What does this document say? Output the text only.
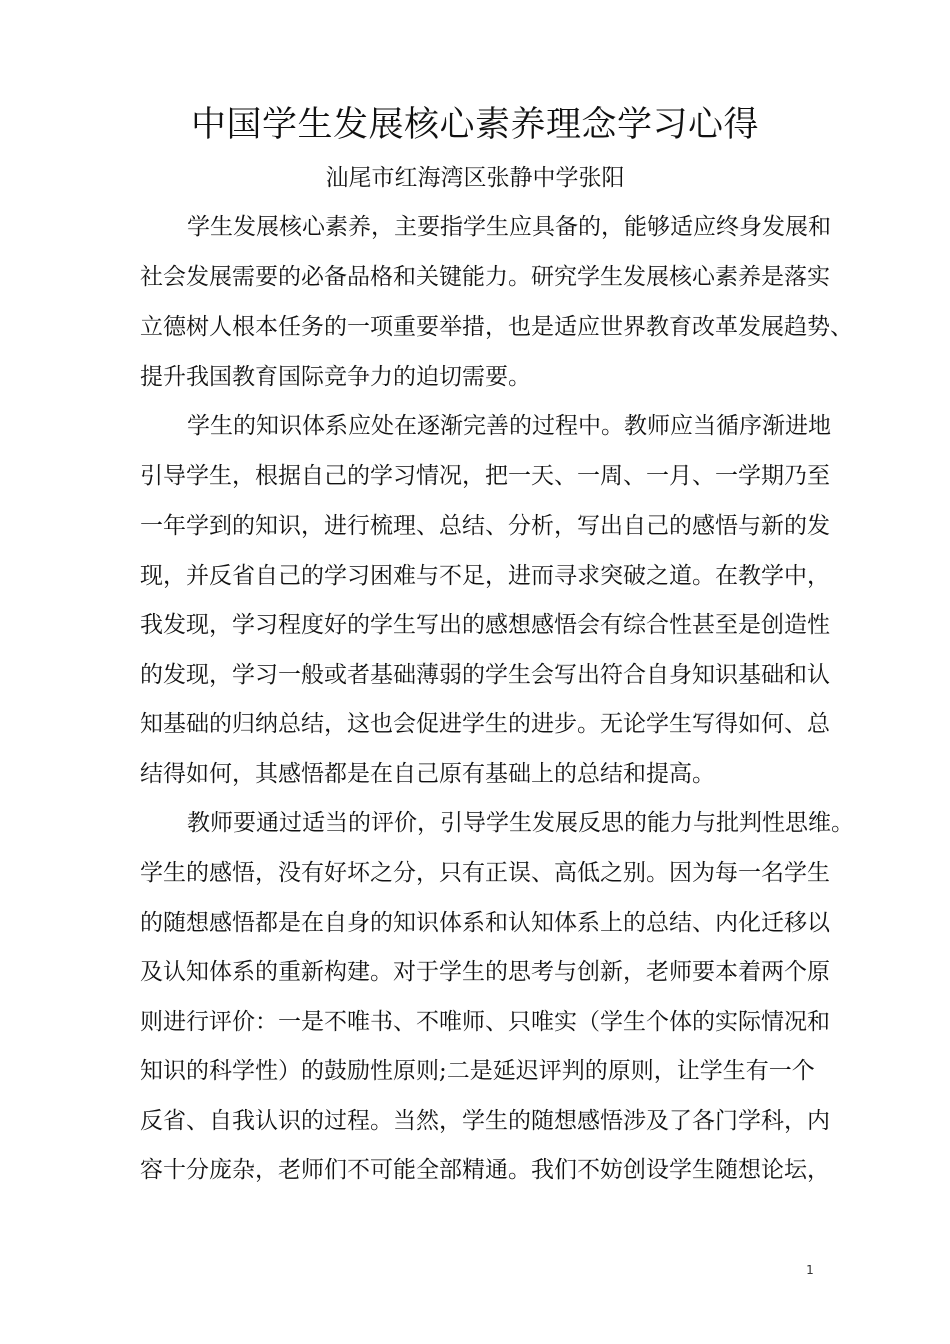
中国学生发展核心素养理念学习心得

汕尾市红海湾区张静中学张阳

学生发展核心素养，主要指学生应具备的，能够适应终身发展和

社会发展需要的必备品格和关键能力。研究学生发展核心素养是落实

立德树人根本任务的一项重要举措，也是适应世界教育改革发展趋势、

提升我国教育国际竞争力的迫切需要。

学生的知识体系应处在逐渐完善的过程中。教师应当循序渐进地

引导学生，根据自己的学习情况，把一天、一周、一月、一学期乃至

一年学到的知识，进行梳理、总结、分析，写出自己的感悟与新的发

现，并反省自己的学习困难与不足，进而寻求突破之道。在教学中，

我发现，学习程度好的学生写出的感想感悟会有综合性甚至是创造性

的发现，学习一般或者基础薄弱的学生会写出符合自身知识基础和认

知基础的归纳总结，这也会促进学生的进步。无论学生写得如何、总

结得如何，其感悟都是在自己原有基础上的总结和提高。

教师要通过适当的评价，引导学生发展反思的能力与批判性思维。

学生的感悟，没有好坏之分，只有正误、高低之别。因为每一名学生

的随想感悟都是在自身的知识体系和认知体系上的总结、内化迁移以

及认知体系的重新构建。对于学生的思考与创新，老师要本着两个原

则进行评价：一是不唯书、不唯师、只唯实（学生个体的实际情况和

知识的科学性）的鼓励性原则;二是延迟评判的原则，让学生有一个

反省、自我认识的过程。当然，学生的随想感悟涉及了各门学科，内

容十分庞杂，老师们不可能全部精通。我们不妨创设学生随想论坛，

1
